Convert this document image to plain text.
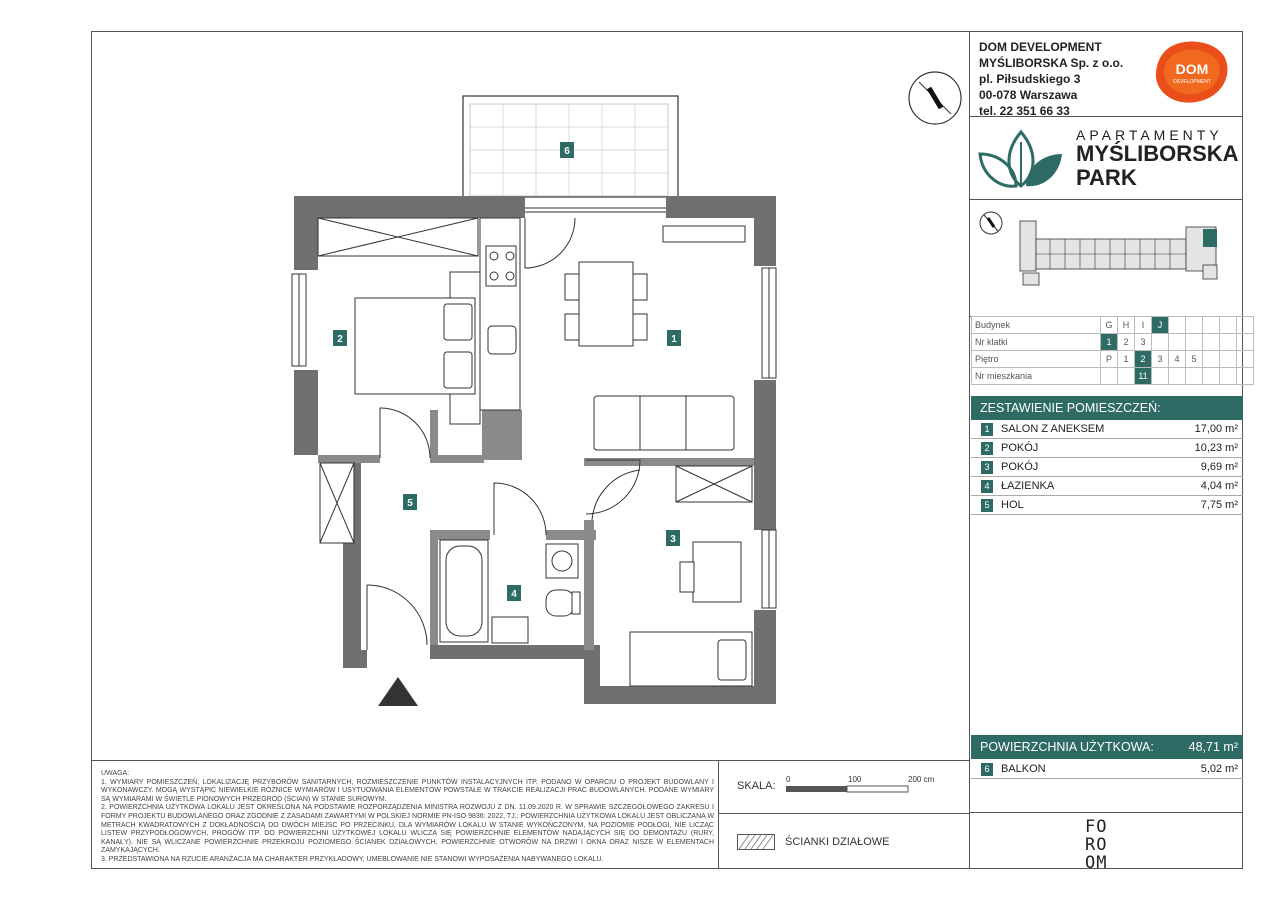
DOM DEVELOPMENT
MYŚLIBORSKA Sp. z o.o.
pl. Piłsudskiego 3
00-078 Warszawa
tel. 22 351 66 33
DOM
DEVELOPMENT
APARTAMENTY
MYŚLIBORSKA
PARK
Budynek	G	H	I	J					
Nr klatki	1	2	3						
Piętro	P	1	2	3	4	5			
Nr mieszkania			11						
ZESTAWIENIE POMIESZCZEŃ:
1	SALON Z ANEKSEM	17,00 m²
2	POKÓJ	10,23 m²
3	POKÓJ	9,69 m²
4	ŁAZIENKA	4,04 m²
5	HOL	7,75 m²
POWIERZCHNIA UŻYTKOWA:	48,71 m²
6	BALKON	5,02 m²
6
2	1
5
3
4
UWAGA:
1. WYMIARY POMIESZCZEŃ, LOKALIZACJĘ PRZYBORÓW SANITARNYCH, ROZMIESZCZENIE PUNKTÓW INSTALACYJNYCH ITP. PODANO W OPARCIU O PROJEKT BUDOWLANY I WYKONAWCZY. MOGĄ WYSTĄPIĆ NIEWIELKIE RÓŻNICE WYMIARÓW I USYTUOWANIA ELEMENTÓW POWSTAŁE W TRAKCIE REALIZACJI PRAC BUDOWLANYCH. PODANE WYMIARY SĄ WYMIARAMI W ŚWIETLE PIONOWYCH PRZEGRÓD (ŚCIAN) W STANIE SUROWYM.
2. POWIERZCHNIA UŻYTKOWA LOKALU JEST OKREŚLONA NA PODSTAWIE ROZPORZĄDZENIA MINISTRA ROZWOJU Z DN. 11.09.2020 R. W SPRAWIE SZCZEGÓŁOWEGO ZAKRESU I FORMY PROJEKTU BUDOWLANEGO ORAZ ZGODNIE Z ZASADAMI ZAWARTYMI W POLSKIEJ NORMIE PN-ISO 9836: 2022, TJ.: POWIERZCHNIA UŻYTKOWA LOKALU JEST OBLICZANA W METRACH KWADRATOWYCH Z DOKŁADNOŚCIĄ DO DWÓCH MIEJSC PO PRZECINKU, DLA WYMIARÓW LOKALU W STANIE WYKOŃCZONYM, NA POZIOMIE PODŁOGI, NIE LICZĄC LISTEW PRZYPODŁOGOWYCH, PROGÓW ITP. DO POWIERZCHNI UŻYTKOWEJ LOKALU WLICZA SIĘ POWIERZCHNIE ELEMENTÓW NADAJĄCYCH SIĘ DO DEMONTAŻU (RURY, KANAŁY). NIE SĄ WLICZANE POWIERZCHNIE PRZEKROJU POZIOMEGO ŚCIANEK DZIAŁOWYCH, POWIERZCHNIE OTWORÓW NA DRZWI I OKNA ORAZ NISZE W ELEMENTACH ZAMYKAJĄCYCH.
3. PRZEDSTAWIONA NA RZUCIE ARANŻACJA MA CHARAKTER PRZYKŁADOWY, UMEBLOWANIE NIE STANOWI WYPOSAŻENIA NABYWANEGO LOKALU.
SKALA:
0	100	200 cm
ŚCIANKI DZIAŁOWE
FO
RO
OM
